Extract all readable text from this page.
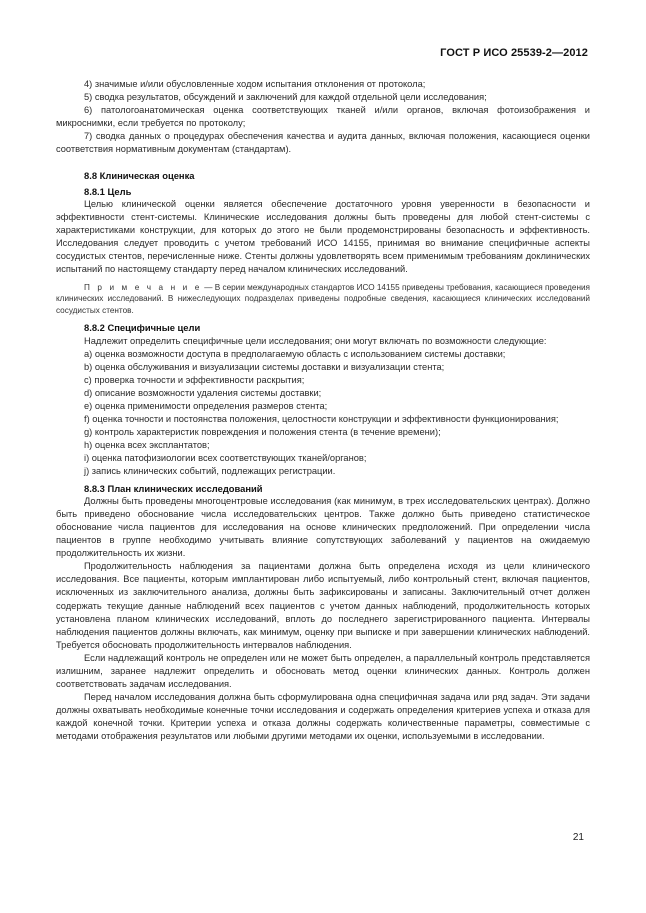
ГОСТ Р ИСО 25539-2—2012

4) значимые и/или обусловленные ходом испытания отклонения от протокола;

5) сводка результатов, обсуждений и заключений для каждой отдельной цели исследования;

6) патологоанатомическая оценка соответствующих тканей и/или органов, включая фотоизображения и микроснимки, если требуется по протоколу;

7) сводка данных о процедурах обеспечения качества и аудита данных, включая положения, касающиеся оценки соответствия нормативным документам (стандартам).

8.8 Клиническая оценка

8.8.1 Цель

Целью клинической оценки является обеспечение достаточного уровня уверенности в безопасности и эффективности стент-системы. Клинические исследования должны быть проведены для любой стент-системы с характеристиками конструкции, для которых до этого не были продемонстрированы безопасность и эффективность. Исследования следует проводить с учетом требований ИСО 14155, принимая во внимание специфичные аспекты сосудистых стентов, перечисленные ниже. Стенты должны удовлетворять всем применимым требованиям доклинических испытаний по настоящему стандарту перед началом клинических исследований.

П р и м е ч а н и е — В серии международных стандартов ИСО 14155 приведены требования, касающиеся проведения клинических исследований. В нижеследующих подразделах приведены подробные сведения, касающиеся клинических исследований сосудистых стентов.

8.8.2 Специфичные цели

Надлежит определить специфичные цели исследования; они могут включать по возможности следующие:

a) оценка возможности доступа в предполагаемую область с использованием системы доставки;

b) оценка обслуживания и визуализации системы доставки и визуализации стента;

c) проверка точности и эффективности раскрытия;

d) описание возможности удаления системы доставки;

e) оценка применимости определения размеров стента;

f) оценка точности и постоянства положения, целостности конструкции и эффективности функционирования;

g) контроль характеристик повреждения и положения стента (в течение времени);

h) оценка всех эксплантатов;

i) оценка патофизиологии всех соответствующих тканей/органов;

j) запись клинических событий, подлежащих регистрации.

8.8.3 План клинических исследований

Должны быть проведены многоцентровые исследования (как минимум, в трех исследовательских центрах). Должно быть приведено обоснование числа исследовательских центров. Также должно быть приведено статистическое обоснование числа пациентов для исследования на основе клинических предположений. При определении числа пациентов в группе необходимо учитывать влияние сопутствующих заболеваний у пациентов на ожидаемую продолжительность их жизни.

Продолжительность наблюдения за пациентами должна быть определена исходя из цели клинического исследования. Все пациенты, которым имплантирован либо испытуемый, либо контрольный стент, включая пациентов, исключенных из заключительного анализа, должны быть зафиксированы и записаны. Заключительный отчет должен содержать текущие данные наблюдений всех пациентов с учетом данных наблюдений, продолжительность которых установлена планом клинических исследований, вплоть до последнего зарегистрированного пациента. Интервалы наблюдения пациентов должны включать, как минимум, оценку при выписке и при завершении клинических наблюдений. Требуется обосновать продолжительность интервалов наблюдения.

Если надлежащий контроль не определен или не может быть определен, а параллельный контроль представляется излишним, заранее надлежит определить и обосновать метод оценки клинических данных. Контроль должен соответствовать задачам исследования.

Перед началом исследования должна быть сформулирована одна специфичная задача или ряд задач. Эти задачи должны охватывать необходимые конечные точки исследования и содержать определения критериев успеха и отказа для каждой конечной точки. Критерии успеха и отказа должны содержать количественные параметры, совместимые с методами отображения результатов или любыми другими методами их оценки, используемыми в исследовании.

21
